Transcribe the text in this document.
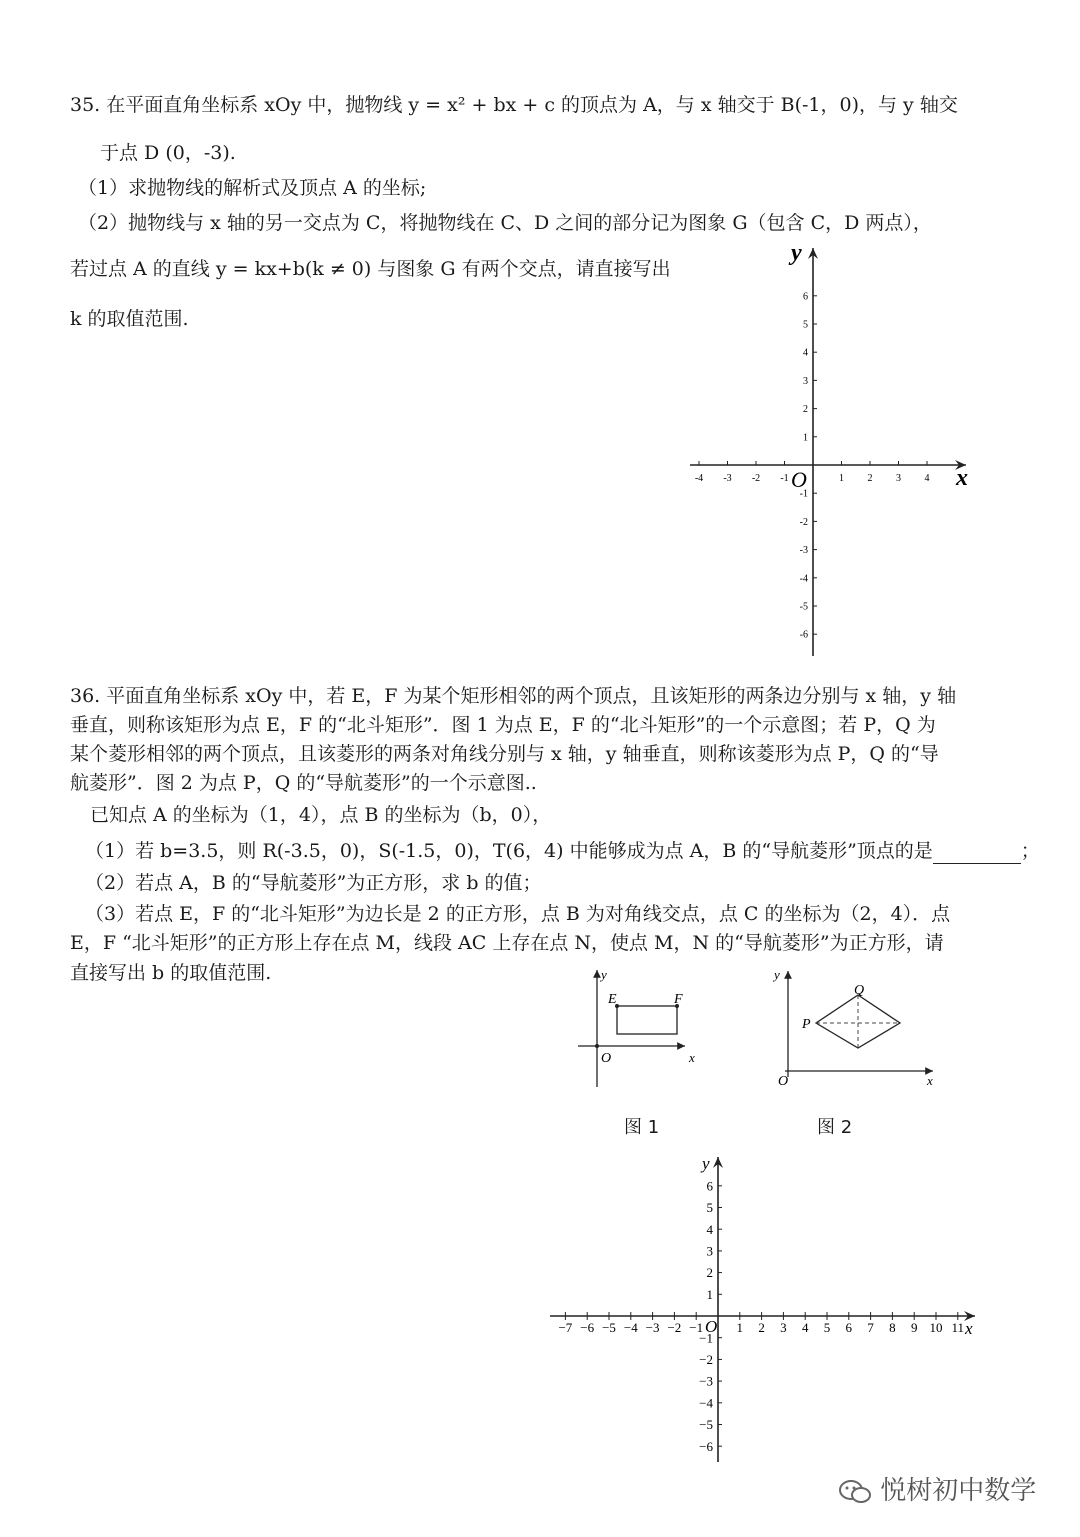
35. 在平面直角坐标系 xOy 中，抛物线 y = x² + bx + c 的顶点为 A，与 x 轴交于 B(-1，0)，与 y 轴交
于点 D (0，-3).
（1）求抛物线的解析式及顶点 A 的坐标;
（2）抛物线与 x 轴的另一交点为 C，将抛物线在 C、D 之间的部分记为图象 G（包含 C，D 两点），
若过点 A 的直线 y = kx+b(k ≠ 0) 与图象 G 有两个交点，请直接写出
k 的取值范围.
-4 -3 -2 -1	1 2 3 4
6
5
4
3
2
1
-1
-2
-3
-4
-5
-6
x
y
O
36. 平面直角坐标系 xOy 中，若 E，F 为某个矩形相邻的两个顶点，且该矩形的两条边分别与 x 轴，y 轴
垂直，则称该矩形为点 E，F 的“北斗矩形”．图 1 为点 E，F 的“北斗矩形”的一个示意图；若 P，Q 为
某个菱形相邻的两个顶点，且该菱形的两条对角线分别与 x 轴，y 轴垂直，则称该菱形为点 P，Q 的“导
航菱形”．图 2 为点 P，Q 的“导航菱形”的一个示意图..
已知点 A 的坐标为（1，4），点 B 的坐标为（b，0），
（1）若 b=3.5，则 R(-3.5，0)，S(-1.5，0)，T(6，4) 中能够成为点 A，B 的“导航菱形”顶点的是	；
（2）若点 A，B 的“导航菱形”为正方形，求 b 的值；
（3）若点 E，F 的“北斗矩形”为边长是 2 的正方形，点 B 为对角线交点，点 C 的坐标为（2，4）．点
E，F “北斗矩形”的正方形上存在点 M，线段 AC 上存在点 N，使点 M，N 的“导航菱形”为正方形，请
直接写出 b 的取值范围.
E	F
O	x
y
图 1
P
Q
O	x
y
图 2
−7 −6 −5 −4 −3 −2 −1	1 2 3 4 5 6 7 8 9 10 11
6
5
4
3
2
1
−1
−2
−3
−4
−5
−6
x
y
O
悦树初中数学
